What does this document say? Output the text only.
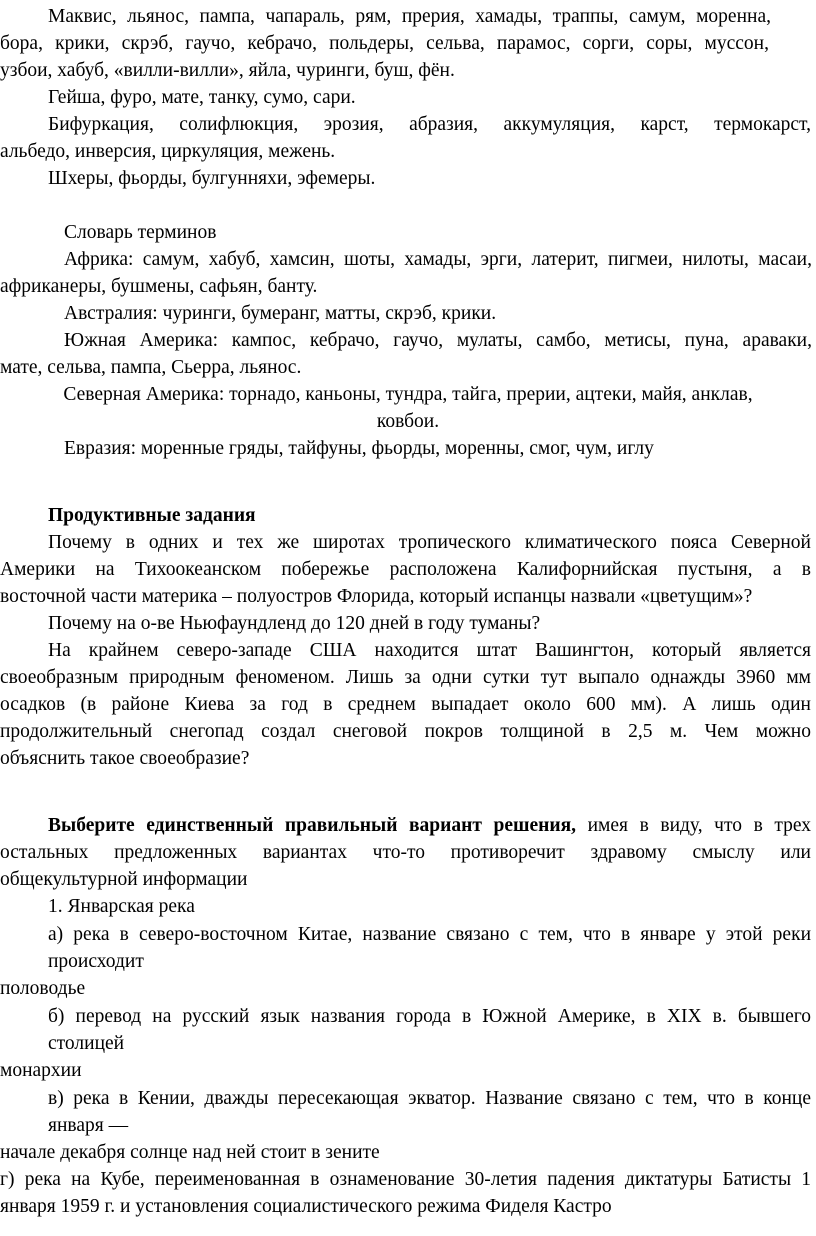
Маквис, льянос, пампа, чапараль, рям, прерия, хамады, траппы, самум, моренна,
бора, крики, скрэб, гаучо, кебрачо, польдеры, сельва, парамос, сорги, соры, муссон,
узбои, хабуб, «вилли-вилли», яйла, чуринги, буш, фён.
Гейша, фуро, мате, танку, сумо, сари.
Бифуркация, солифлюкция, эрозия, абразия, аккумуляция, карст, термокарст,
альбедо, инверсия, циркуляция, межень.
Шхеры, фьорды, булгунняхи, эфемеры.
Словарь терминов
Африка: самум, хабуб, хамсин, шоты, хамады, эрги, латерит, пигмеи, нилоты, масаи,
африканеры, бушмены, сафьян, банту.
Австралия: чуринги, бумеранг, матты, скрэб, крики.
Южная Америка: кампос, кебрачо, гаучо, мулаты, самбо, метисы, пуна, араваки,
мате, сельва, пампа, Сьерра, льянос.
Северная Америка: торнадо, каньоны, тундра, тайга, прерии, ацтеки, майя, анклав,
ковбои.
Евразия: моренные гряды, тайфуны, фьорды, моренны, смог, чум, иглу
Продуктивные задания
Почему в одних и тех же широтах тропического климатического пояса Северной
Америки на Тихоокеанском побережье расположена Калифорнийская пустыня, а в
восточной части материка – полуостров Флорида, который испанцы назвали «цветущим»?
Почему на о-ве Ньюфаундленд до 120 дней в году туманы?
На крайнем северо-западе США находится штат Вашингтон, который является
своеобразным природным феноменом. Лишь за одни сутки тут выпало однажды 3960 мм
осадков (в районе Киева за год в среднем выпадает около 600 мм). А лишь один
продолжительный снегопад создал снеговой покров толщиной в 2,5 м. Чем можно
объяснить такое своеобразие?
Выберите единственный правильный вариант решения, имея в виду, что в трех
остальных предложенных вариантах что-то противоречит здравому смыслу или
общекультурной информации
1. Январская река
а) река в северо-восточном Китае, название связано с тем, что в январе у этой реки
происходит
половодье
б) перевод на русский язык названия города в Южной Америке, в XIX в. бывшего
столицей
монархии
в) река в Кении, дважды пересекающая экватор. Название связано с тем, что в конце
января —
начале декабря солнце над ней стоит в зените
г) река на Кубе, переименованная в ознаменование 30-летия падения диктатуры Батисты 1
января 1959 г. и установления социалистического режима Фиделя Кастро
